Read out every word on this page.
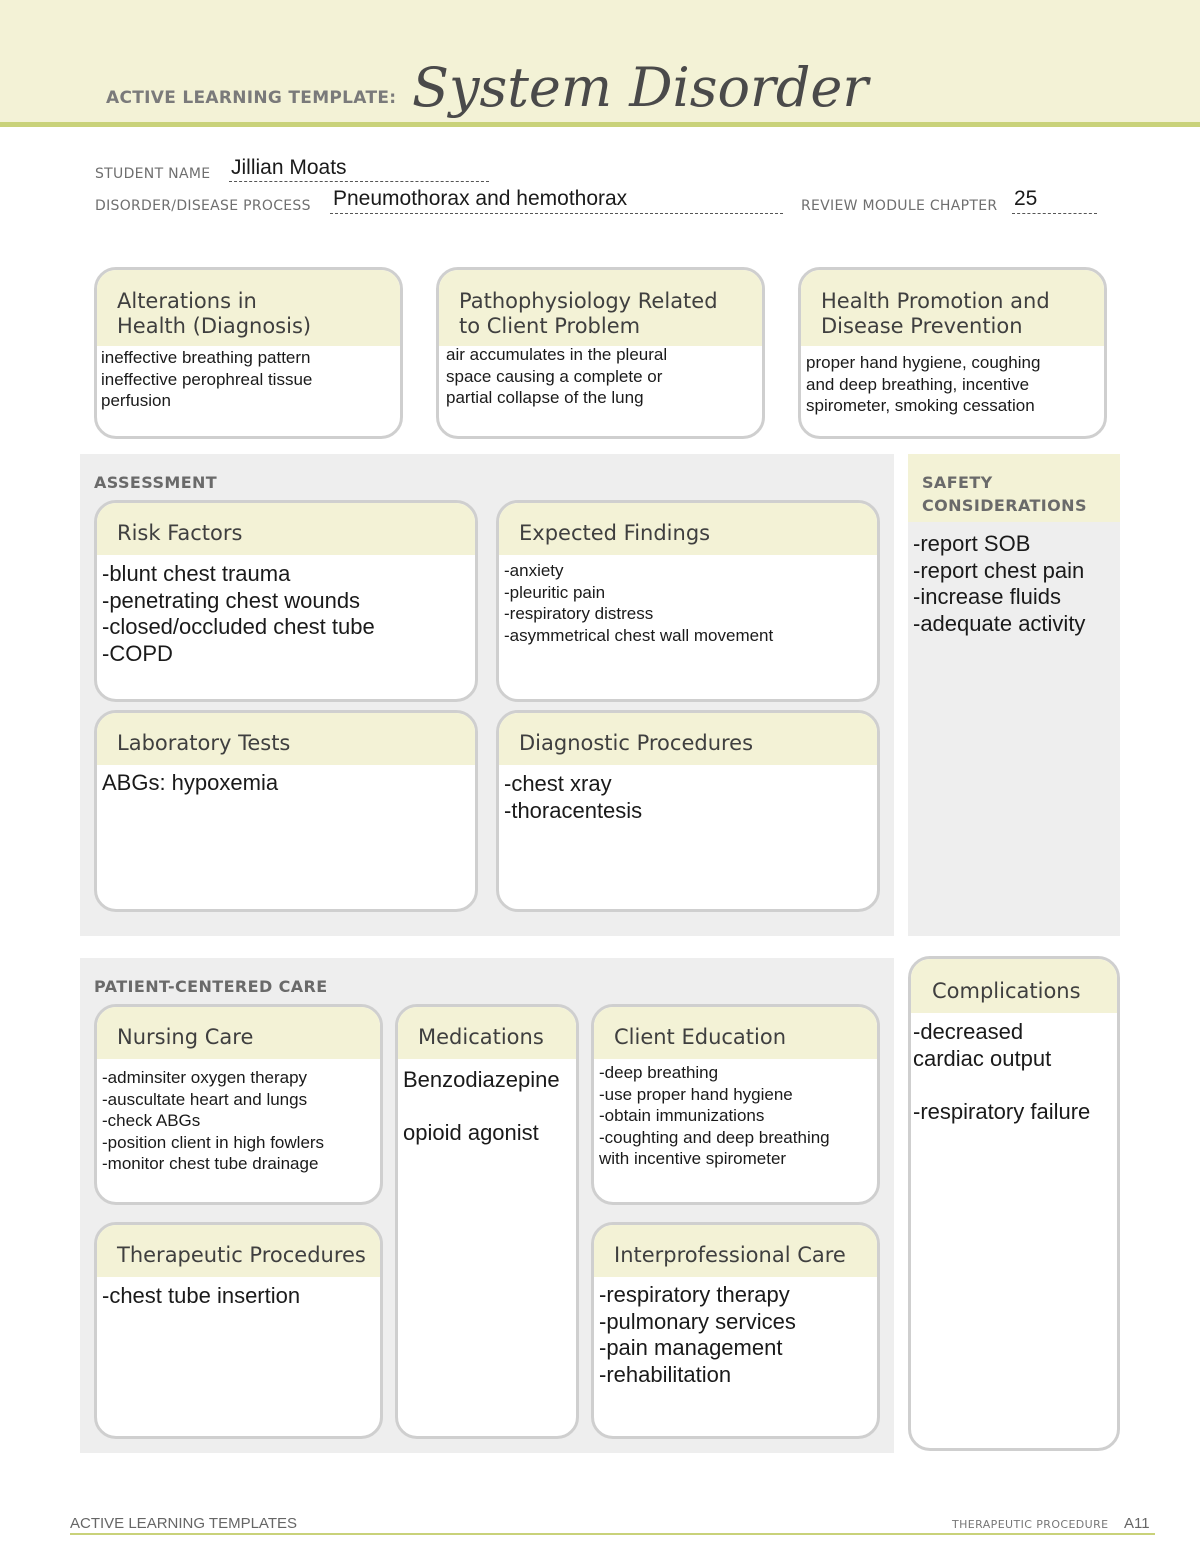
ACTIVE LEARNING TEMPLATE: System Disorder
STUDENT NAME Jillian Moats
DISORDER/DISEASE PROCESS Pneumothorax and hemothorax	REVIEW MODULE CHAPTER 25
Alterations in
Health (Diagnosis)
ineffective breathing pattern
ineffective perophreal tissue
perfusion
Pathophysiology Related
to Client Problem
air accumulates in the pleural
space causing a complete or
partial collapse of the lung
Health Promotion and
Disease Prevention
proper hand hygiene, coughing
and deep breathing, incentive
spirometer, smoking cessation
ASSESSMENT
Risk Factors
-blunt chest trauma
-penetrating chest wounds
-closed/occluded chest tube
-COPD
Expected Findings
-anxiety
-pleuritic pain
-respiratory distress
-asymmetrical chest wall movement
Laboratory Tests
ABGs: hypoxemia
Diagnostic Procedures
-chest xray
-thoracentesis
SAFETY
CONSIDERATIONS
-report SOB
-report chest pain
-increase fluids
-adequate activity
PATIENT-CENTERED CARE
Nursing Care
-adminsiter oxygen therapy
-auscultate heart and lungs
-check ABGs
-position client in high fowlers
-monitor chest tube drainage
Medications
Benzodiazepine

opioid agonist
Client Education
-deep breathing
-use proper hand hygiene
-obtain immunizations
-coughting and deep breathing
with incentive spirometer
Therapeutic Procedures
-chest tube insertion
Interprofessional Care
-respiratory therapy
-pulmonary services
-pain management
-rehabilitation
Complications
-decreased
cardiac output

-respiratory failure
ACTIVE LEARNING TEMPLATES	THERAPEUTIC PROCEDURE A11
